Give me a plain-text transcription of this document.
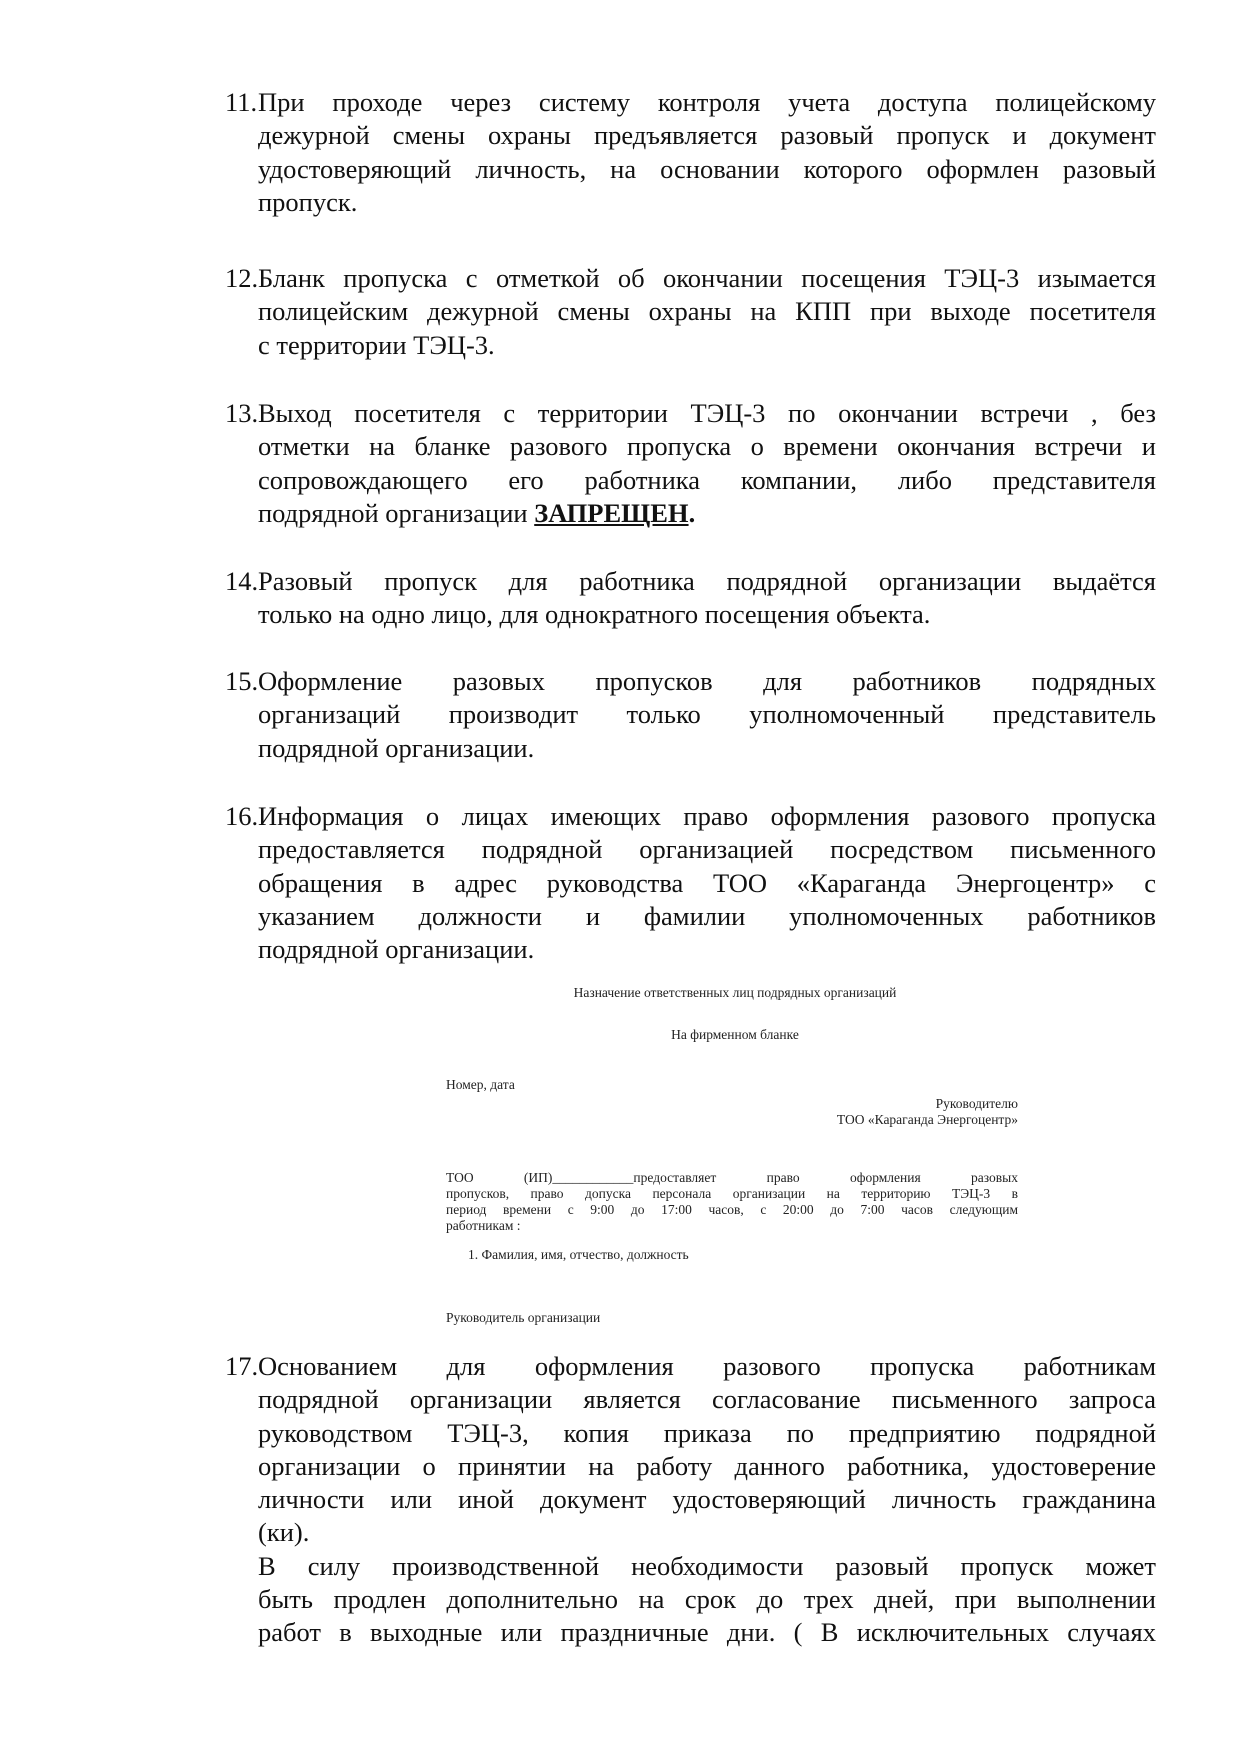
11. При проходе через систему контроля учета доступа полицейскому
дежурной смены охраны предъявляется разовый пропуск и документ
удостоверяющий личность, на основании которого оформлен разовый
пропуск.
12. Бланк пропуска с отметкой об окончании посещения ТЭЦ-3 изымается
полицейским дежурной смены охраны на КПП при выходе посетителя
с территории ТЭЦ-3.
13. Выход посетителя с территории ТЭЦ-3 по окончании встречи , без
отметки на бланке разового пропуска о времени окончания встречи и
сопровождающего его работника компании, либо представителя
подрядной организации ЗАПРЕЩЕН.
14. Разовый пропуск для работника подрядной организации выдаётся
только на одно лицо, для однократного посещения объекта.
15. Оформление разовых пропусков для работников подрядных
организаций производит только уполномоченный представитель
подрядной организации.
16. Информация о лицах имеющих право оформления разового пропуска
предоставляется подрядной организацией посредством письменного
обращения в адрес руководства ТОО «Караганда Энергоцентр» с
указанием должности и фамилии уполномоченных работников
подрядной организации.
Назначение ответственных лиц подрядных организаций
На фирменном бланке
Номер, дата
Руководителю
ТОО «Караганда Энергоцентр»
ТОО (ИП)____________предоставляет право оформления разовых
пропусков, право допуска персонала организации на территорию ТЭЦ-3 в
период времени с 9:00 до 17:00 часов, с 20:00 до 7:00 часов следующим
работникам :
1. Фамилия, имя, отчество, должность
Руководитель организации
17. Основанием для оформления разового пропуска работникам
подрядной организации является согласование письменного запроса
руководством ТЭЦ-3, копия приказа по предприятию подрядной
организации о принятии на работу данного работника, удостоверение
личности или иной документ удостоверяющий личность гражданина
(ки).
В силу производственной необходимости разовый пропуск может
быть продлен дополнительно на срок до трех дней, при выполнении
работ в выходные или праздничные дни. ( В исключительных случаях
